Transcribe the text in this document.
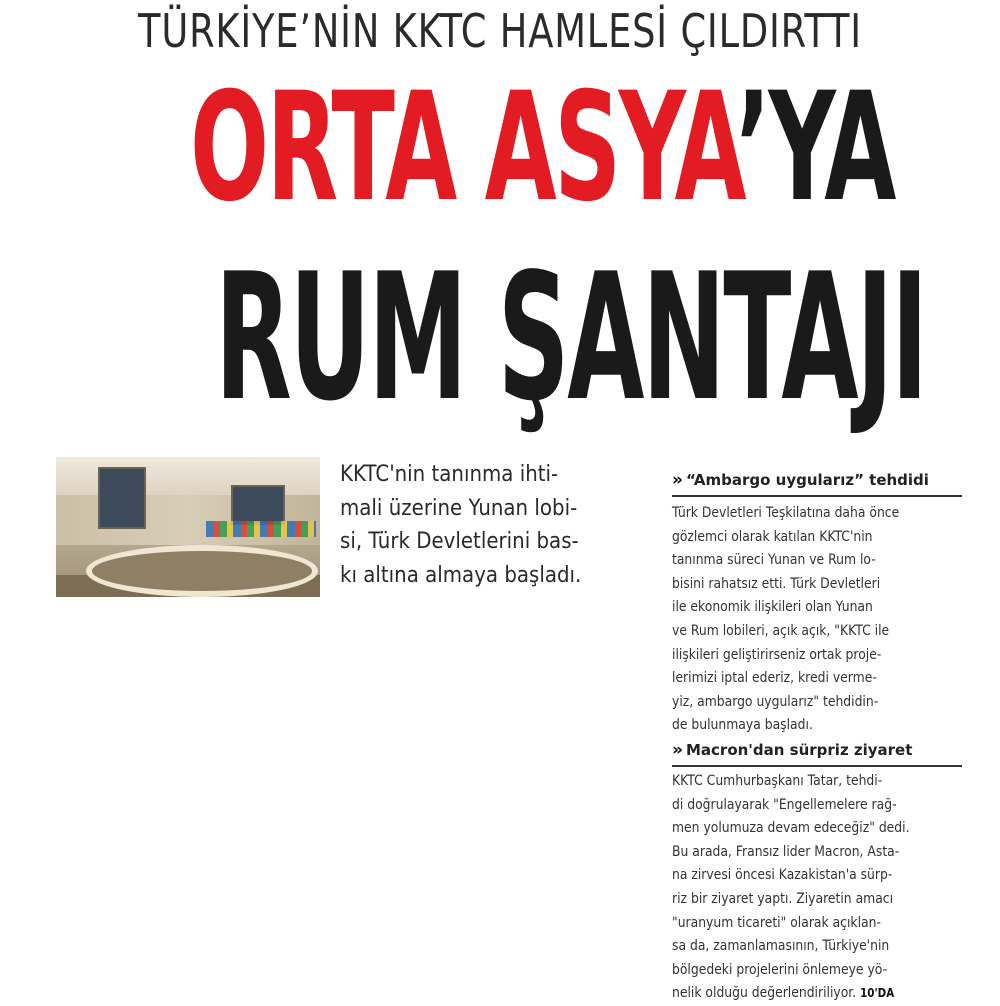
TÜRKİYE’NİN KKTC HAMLESİ ÇILDIRTTI
ORTA ASYA’YA
RUM ŞANTAJI
KKTC'nin tanınma ihti-
mali üzerine Yunan lobi-
si, Türk Devletlerini bas-
kı altına almaya başladı.
» “Ambargo uygularız” tehdidi
Türk Devletleri Teşkilatına daha önce
gözlemci olarak katılan KKTC'nin
tanınma süreci Yunan ve Rum lo-
bisini rahatsız etti. Türk Devletleri
ile ekonomik ilişkileri olan Yunan
ve Rum lobileri, açık açık, "KKTC ile
ilişkileri geliştirirseniz ortak proje-
lerimizi iptal ederiz, kredi verme-
yiz, ambargo uygularız" tehdidin-
de bulunmaya başladı.
» Macron'dan sürpriz ziyaret
KKTC Cumhurbaşkanı Tatar, tehdi-
di doğrulayarak "Engellemelere rağ-
men yolumuza devam edeceğiz" dedi.
Bu arada, Fransız lider Macron, Asta-
na zirvesi öncesi Kazakistan'a sürp-
riz bir ziyaret yaptı. Ziyaretin amacı
"uranyum ticareti" olarak açıklan-
sa da, zamanlamasının, Türkiye'nin
bölgedeki projelerini önlemeye yö-
nelik olduğu değerlendiriliyor. 10'DA
